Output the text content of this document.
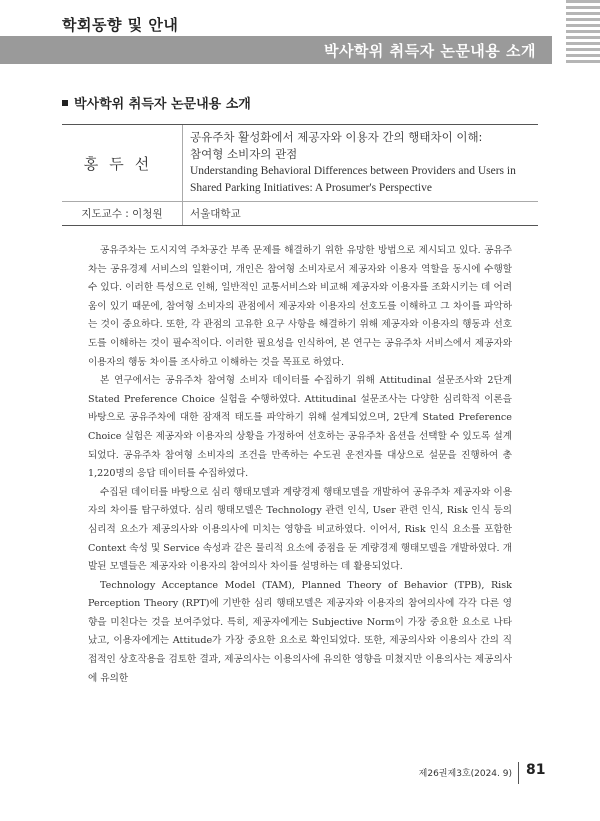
학회동향 및 안내
박사학위 취득자 논문내용 소개
박사학위 취득자 논문내용 소개
홍두선
공유주차 활성화에서 제공자와 이용자 간의 행태차이 이해:
참여형 소비자의 관점
Understanding Behavioral Differences between Providers and Users in
Shared Parking Initiatives: A Prosumer's Perspective
지도교수 : 이청원	서울대학교

공유주차는 도시지역 주차공간 부족 문제를 해결하기 위한 유망한 방법으로 제시되고 있다. 공유주차는 공유경제 서비스의 일환이며, 개인은 참여형 소비자로서 제공자와 이용자 역할을 동시에 수행할 수 있다. 이러한 특성으로 인해, 일반적인 교통서비스와 비교해 제공자와 이용자를 조화시키는 데 어려움이 있기 때문에, 참여형 소비자의 관점에서 제공자와 이용자의 선호도를 이해하고 그 차이를 파악하는 것이 중요하다. 또한, 각 관점의 고유한 요구 사항을 해결하기 위해 제공자와 이용자의 행동과 선호도를 이해하는 것이 필수적이다. 이러한 필요성을 인식하여, 본 연구는 공유주차 서비스에서 제공자와 이용자의 행동 차이를 조사하고 이해하는 것을 목표로 하였다.

본 연구에서는 공유주차 참여형 소비자 데이터를 수집하기 위해 Attitudinal 설문조사와 2단계 Stated Preference Choice 실험을 수행하였다. Attitudinal 설문조사는 다양한 심리학적 이론을 바탕으로 공유주차에 대한 잠재적 태도를 파악하기 위해 설계되었으며, 2단계 Stated Preference Choice 실험은 제공자와 이용자의 상황을 가정하여 선호하는 공유주차 옵션을 선택할 수 있도록 설계되었다. 공유주차 참여형 소비자의 조건을 만족하는 수도권 운전자를 대상으로 설문을 진행하여 총 1,220명의 응답 데이터를 수집하였다.

수집된 데이터를 바탕으로 심리 행태모델과 계량경제 행태모델을 개발하여 공유주차 제공자와 이용자의 차이를 탐구하였다. 심리 행태모델은 Technology 관련 인식, User 관련 인식, Risk 인식 등의 심리적 요소가 제공의사와 이용의사에 미치는 영향을 비교하였다. 이어서, Risk 인식 요소를 포함한 Context 속성 및 Service 속성과 같은 물리적 요소에 중점을 둔 계량경제 행태모델을 개발하였다. 개발된 모델들은 제공자와 이용자의 참여의사 차이를 설명하는 데 활용되었다.

Technology Acceptance Model (TAM), Planned Theory of Behavior (TPB), Risk Perception Theory (RPT)에 기반한 심리 행태모델은 제공자와 이용자의 참여의사에 각각 다른 영향을 미친다는 것을 보여주었다. 특히, 제공자에게는 Subjective Norm이 가장 중요한 요소로 나타났고, 이용자에게는 Attitude가 가장 중요한 요소로 확인되었다. 또한, 제공의사와 이용의사 간의 직접적인 상호작용을 검토한 결과, 제공의사는 이용의사에 유의한 영향을 미쳤지만 이용의사는 제공의사에 유의한

제26권제3호(2024. 9) 81
